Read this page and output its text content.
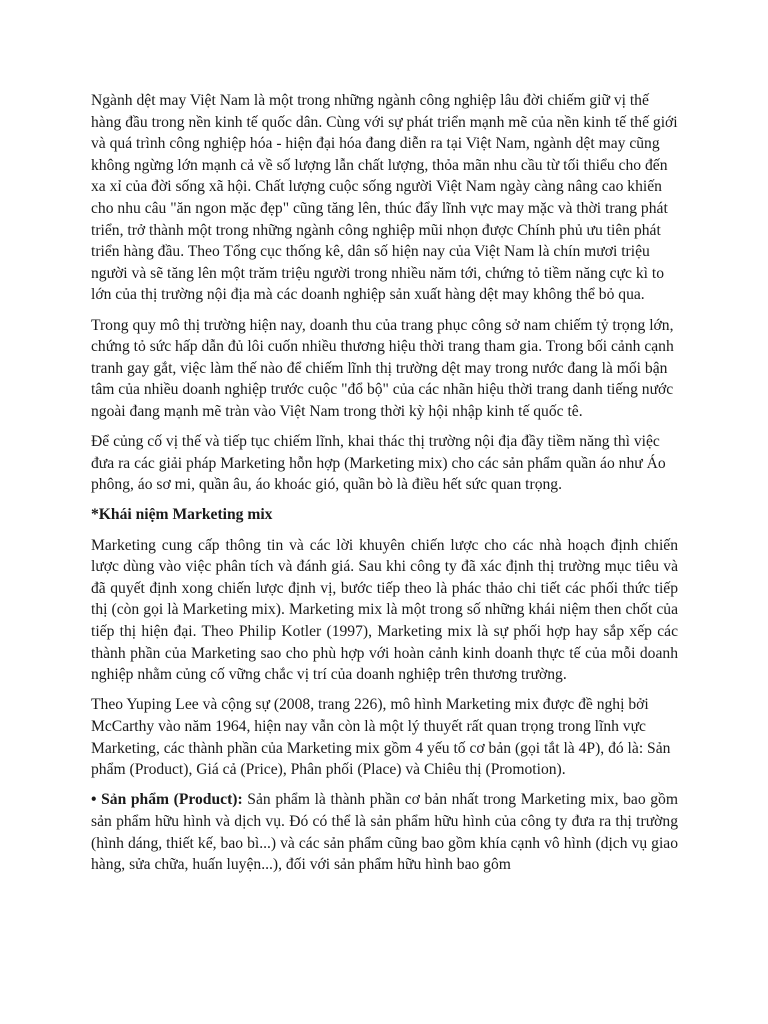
Ngành dệt may Việt Nam là một trong những ngành công nghiệp lâu đời chiếm giữ vị thế hàng đầu trong nền kinh tế quốc dân. Cùng với sự phát triển mạnh mẽ của nền kinh tế thế giới và quá trình công nghiệp hóa - hiện đại hóa đang diễn ra tại Việt Nam, ngành dệt may cũng không ngừng lớn mạnh cả về số lượng lẫn chất lượng, thỏa mãn nhu cầu từ tối thiểu cho đến xa xỉ của đời sống xã hội. Chất lượng cuộc sống người Việt Nam ngày càng nâng cao khiến cho nhu câu "ăn ngon mặc đẹp" cũng tăng lên, thúc đẩy lĩnh vực may mặc và thời trang phát triển, trở thành một trong những ngành công nghiệp mũi nhọn được Chính phủ ưu tiên phát triển hàng đầu. Theo Tổng cục thống kê, dân số hiện nay của Việt Nam là chín mươi triệu người và sẽ tăng lên một trăm triệu người trong nhiều năm tới, chứng tỏ tiềm năng cực kì to lớn của thị trường nội địa mà các doanh nghiệp sản xuất hàng dệt may không thể bỏ qua.

Trong quy mô thị trường hiện nay, doanh thu của trang phục công sở nam chiếm tỷ trọng lớn, chứng tỏ sức hấp dẫn đủ lôi cuốn nhiều thương hiệu thời trang tham gia. Trong bối cảnh cạnh tranh gay gắt, việc làm thế nào để chiếm lĩnh thị trường dệt may trong nước đang là mối bận tâm của nhiều doanh nghiệp trước cuộc "đổ bộ" của các nhãn hiệu thời trang danh tiếng nước ngoài đang mạnh mẽ tràn vào Việt Nam trong thời kỳ hội nhập kinh tế quốc tê.

Để củng cố vị thế và tiếp tục chiếm lĩnh, khai thác thị trường nội địa đầy tiềm năng thì việc đưa ra các giải pháp Marketing hỗn hợp (Marketing mix) cho các sản phẩm quần áo như Áo phông, áo sơ mi, quần âu, áo khoác gió, quần bò là điều hết sức quan trọng.

*Khái niệm Marketing mix

Marketing cung cấp thông tin và các lời khuyên chiến lược cho các nhà hoạch định chiến lược dùng vào việc phân tích và đánh giá. Sau khi công ty đã xác định thị trường mục tiêu và đã quyết định xong chiến lược định vị, bước tiếp theo là phác thảo chi tiết các phối thức tiếp thị (còn gọi là Marketing mix). Marketing mix là một trong số những khái niệm then chốt của tiếp thị hiện đại. Theo Philip Kotler (1997), Marketing mix là sự phối hợp hay sắp xếp các thành phần của Marketing sao cho phù hợp với hoàn cảnh kinh doanh thực tế của mỗi doanh nghiệp nhằm củng cố vững chắc vị trí của doanh nghiệp trên thương trường.

Theo Yuping Lee và cộng sự (2008, trang 226), mô hình Marketing mix được đề nghị bởi McCarthy vào năm 1964, hiện nay vẫn còn là một lý thuyết rất quan trọng trong lĩnh vực Marketing, các thành phần của Marketing mix gồm 4 yếu tố cơ bản (gọi tắt là 4P), đó là: Sản phẩm (Product), Giá cả (Price), Phân phối (Place) và Chiêu thị (Promotion).

• Sản phẩm (Product): Sản phẩm là thành phần cơ bản nhất trong Marketing mix, bao gồm sản phẩm hữu hình và dịch vụ. Đó có thể là sản phẩm hữu hình của công ty đưa ra thị trường (hình dáng, thiết kế, bao bì...) và các sản phẩm cũng bao gồm khía cạnh vô hình (dịch vụ giao hàng, sửa chữa, huấn luyện...), đối với sản phẩm hữu hình bao gôm
